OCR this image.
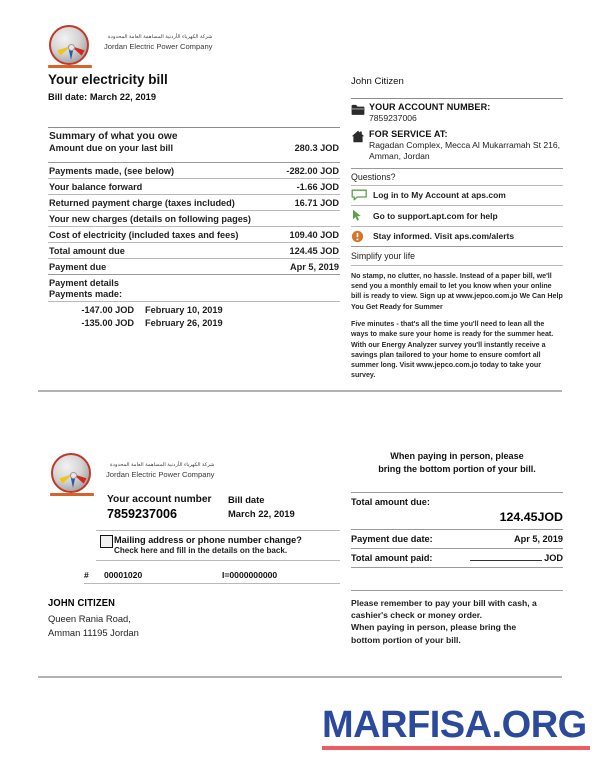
شركة الكهرباء الأردنية المساهمة العامة المحدودة
Jordan Electric Power Company
Your electricity bill
Bill date: March 22, 2019
John Citizen
Summary of what you owe
Amount due on your last bill	280.3 JOD
Payments made, (see below)	-282.00 JOD
Your balance forward	-1.66 JOD
Returned payment charge (taxes included)	16.71 JOD
Your new charges (details on following pages)
Cost of electricity (included taxes and fees)	109.40 JOD
Total amount due	124.45 JOD
Payment due	Apr 5, 2019
Payment details
Payments made:
-147.00 JOD	February 10, 2019
-135.00 JOD	February 26, 2019
YOUR ACCOUNT NUMBER:
7859237006
FOR SERVICE AT:
Ragadan Complex, Mecca Al Mukarramah St 216, Amman, Jordan
Questions?
Log in to My Account at aps.com
Go to support.apt.com for help
Stay informed. Visit aps.com/alerts
Simplify your life

No stamp, no clutter, no hassle. Instead of a paper bill, we'll send you a monthly email to let you know when your online bill is ready to view. Sign up at www.jepco.com.jo We Can Help You Get Ready for Summer

Five minutes - that's all the time you'll need to lean all the ways to make sure your home is ready for the summer heat. With our Energy Analyzer survey you'll instantly receive a savings plan tailored to your home to ensure comfort all summer long. Visit www.jepco.com.jo today to take your survey.

شركة الكهرباء الأردنية المساهمة العامة المحدودة
Jordan Electric Power Company
Your account number
7859237006
Bill date
March 22, 2019
Mailing address or phone number change?
Check here and fill in the details on the back.
# 00001020	I=0000000000
JOHN CITIZEN
Queen Rania Road,
Amman 11195 Jordan
When paying in person, please
bring the bottom portion of your bill.
Total amount due:
124.45JOD
Payment due date:	Apr 5, 2019
Total amount paid:	JOD
Please remember to pay your bill with cash, a
cashier's check or money order.
When paying in person, please bring the
bottom portion of your bill.
MARFISA.ORG
